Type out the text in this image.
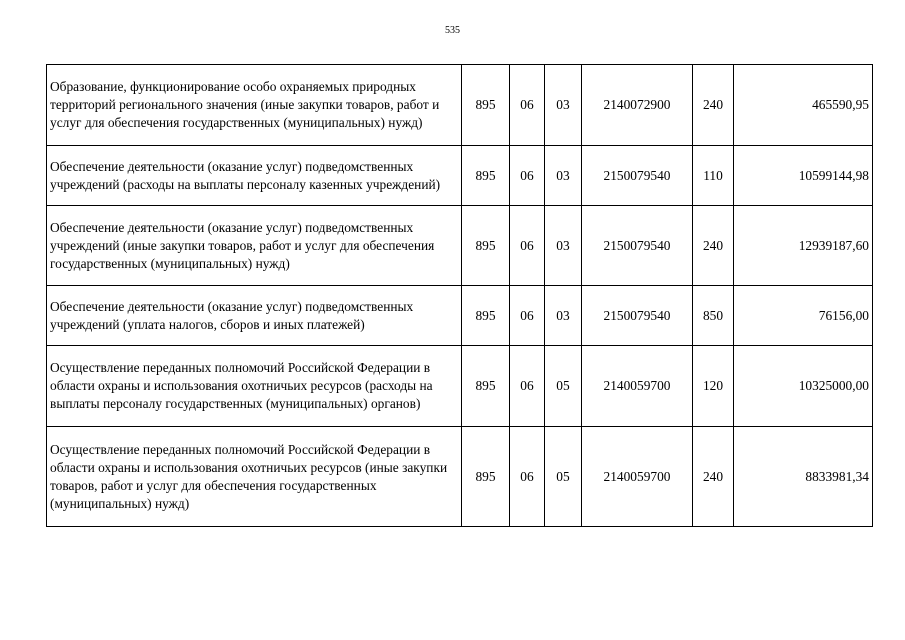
535
Образование, функционирование особо охраняемых природных территорий регионального значения (иные закупки товаров, работ и услуг для обеспечения государственных (муниципальных) нужд)	895	06	03	2140072900	240	465590,95
Обеспечение деятельности (оказание услуг) подведомственных учреждений (расходы на выплаты персоналу казенных учреждений)	895	06	03	2150079540	110	10599144,98
Обеспечение деятельности (оказание услуг) подведомственных учреждений (иные закупки товаров, работ и услуг для обеспечения государственных (муниципальных) нужд)	895	06	03	2150079540	240	12939187,60
Обеспечение деятельности (оказание услуг) подведомственных учреждений (уплата налогов, сборов и иных платежей)	895	06	03	2150079540	850	76156,00
Осуществление переданных полномочий Российской Федерации в области охраны и использования охотничьих ресурсов (расходы на выплаты персоналу государственных (муниципальных) органов)	895	06	05	2140059700	120	10325000,00
Осуществление переданных полномочий Российской Федерации в области охраны и использования охотничьих ресурсов (иные закупки товаров, работ и услуг для обеспечения государственных (муниципальных) нужд)	895	06	05	2140059700	240	8833981,34
